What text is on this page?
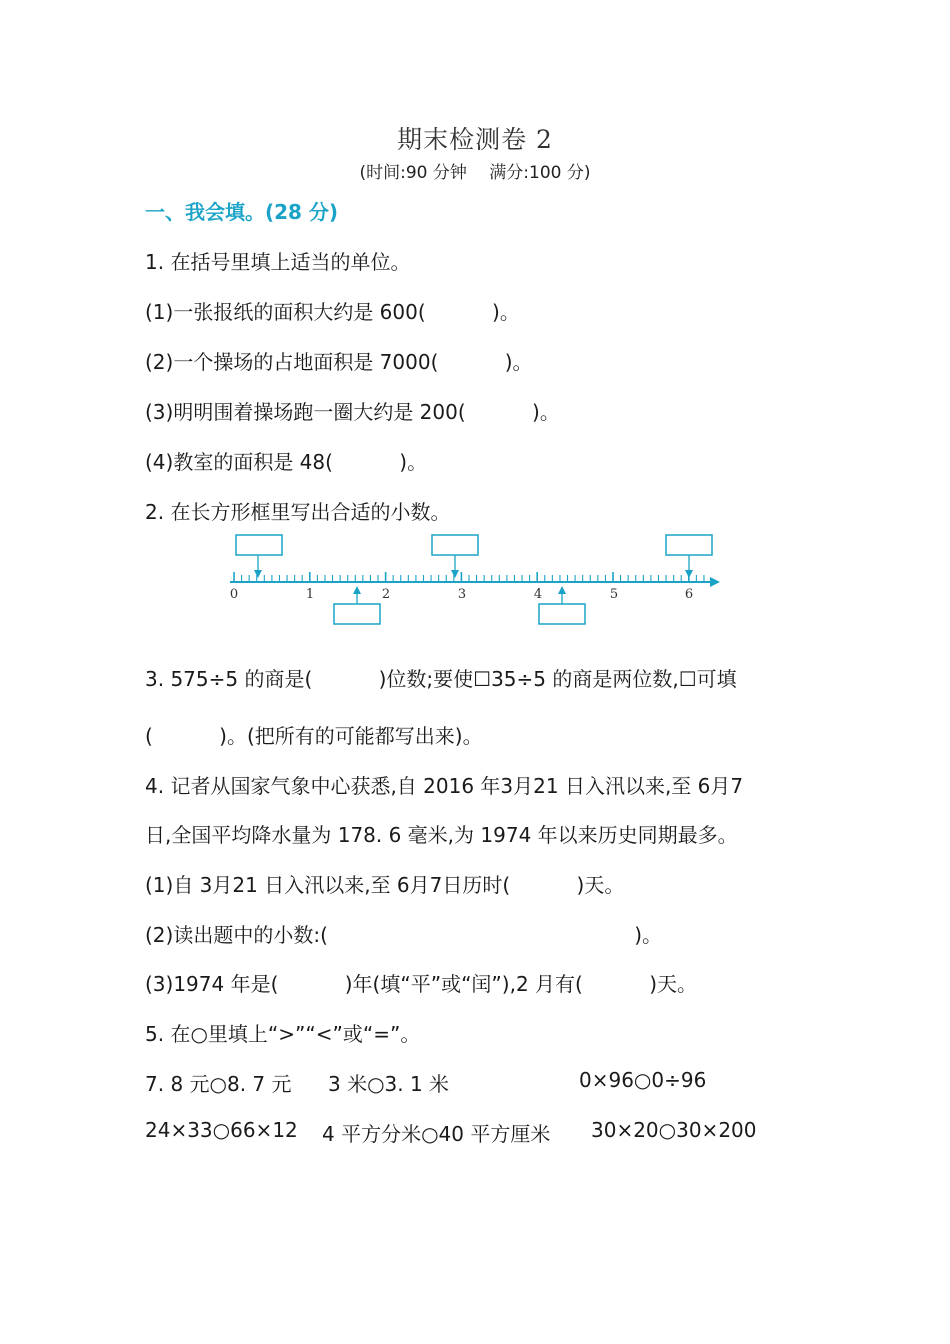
期末检测卷 2
(时间:90 分钟　 满分:100 分)
一、我会填。(28 分)
1. 在括号里填上适当的单位。
(1)一张报纸的面积大约是 600(　　　 )。
(2)一个操场的占地面积是 7000(　　　 )。
(3)明明围着操场跑一圈大约是 200(　　　 )。
(4)教室的面积是 48(　　　 )。
2. 在长方形框里写出合适的小数。
0	1	2	3	4	5	6
3. 575÷5 的商是(　　　 )位数;要使☐35÷5 的商是两位数,☐可填
(　　　 )。(把所有的可能都写出来)。
4. 记者从国家气象中心获悉,自 2016 年3月21 日入汛以来,至 6月7
日,全国平均降水量为 178. 6 毫米,为 1974 年以来历史同期最多。
(1)自 3月21 日入汛以来,至 6月7日历时(　　　 )天。
(2)读出题中的小数:(　　　　　　　　　　　　　　　 )。
(3)1974 年是(　　　 )年(填“平”或“闰”),2 月有(　　　 )天。
5. 在○里填上“>”“<”或“=”。
7. 8 元○8. 7 元 3 米○3. 1 米	0×96○0÷96
24×33○66×12 4 平方分米○40 平方厘米 30×20○30×200
